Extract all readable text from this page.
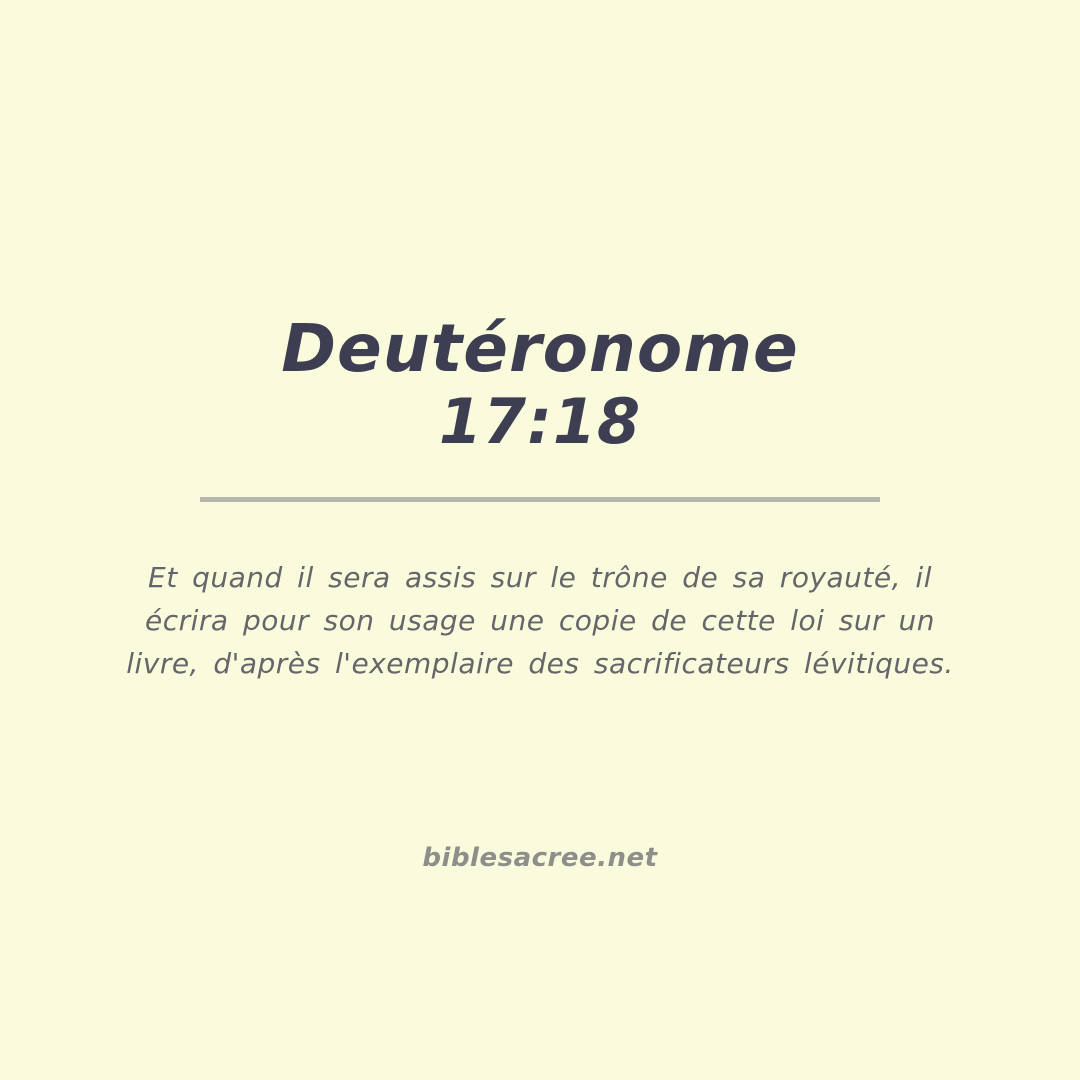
Deutéronome
17:18
Et quand il sera assis sur le trône de sa royauté, il
écrira pour son usage une copie de cette loi sur un
livre, d'après l'exemplaire des sacrificateurs lévitiques.
biblesacree.net
